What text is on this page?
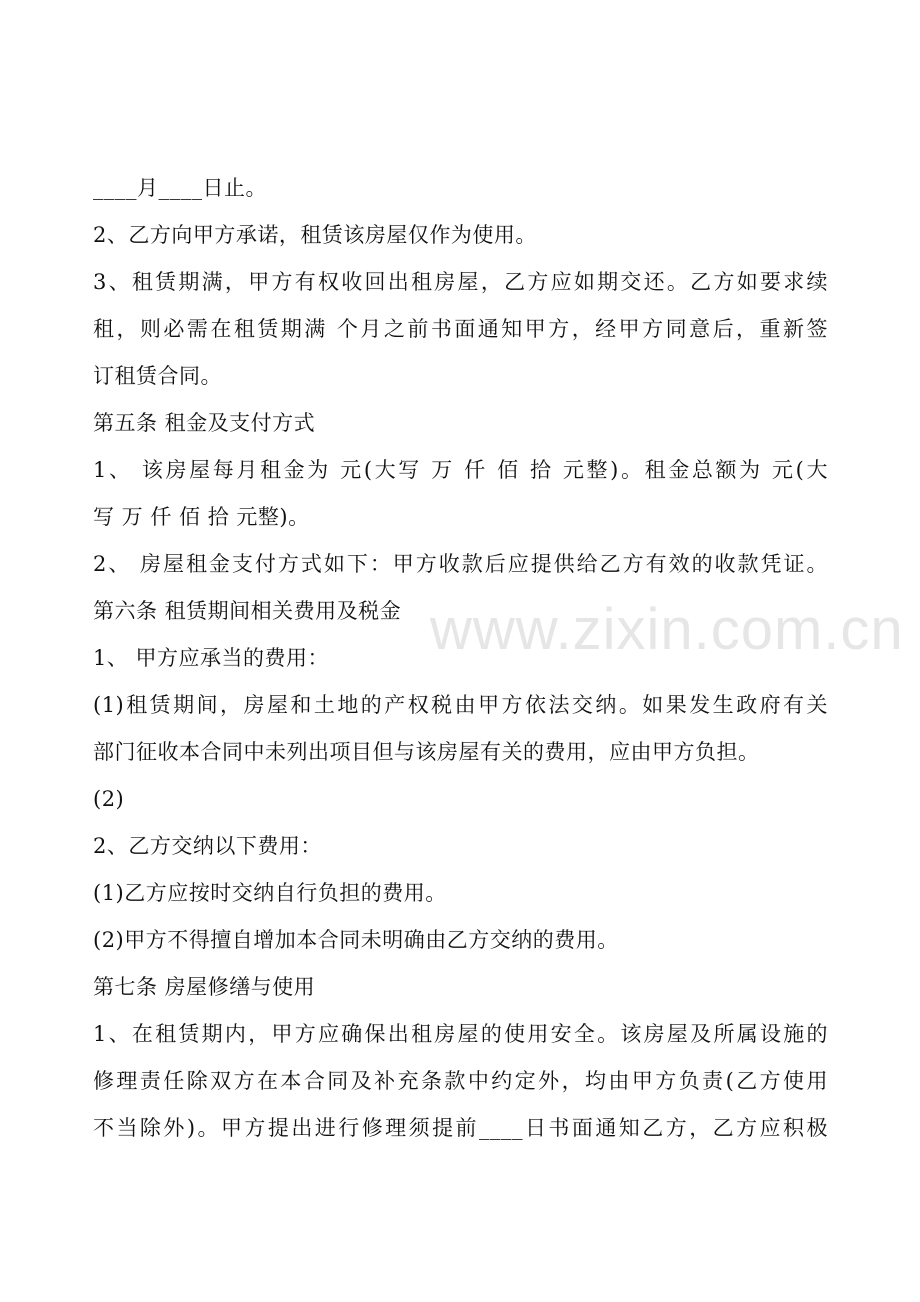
____月____日止。
2、乙方向甲方承诺，租赁该房屋仅作为使用。
3、租赁期满，甲方有权收回出租房屋，乙方应如期交还。乙方如要求续
租，则必需在租赁期满 个月之前书面通知甲方，经甲方同意后，重新签
订租赁合同。
第五条 租金及支付方式
1、 该房屋每月租金为 元(大写 万 仟 佰 拾 元整)。租金总额为 元(大
写 万 仟 佰 拾 元整)。
2、 房屋租金支付方式如下：甲方收款后应提供给乙方有效的收款凭证。
第六条 租赁期间相关费用及税金
1、 甲方应承当的费用：
(1)租赁期间，房屋和土地的产权税由甲方依法交纳。如果发生政府有关
部门征收本合同中未列出项目但与该房屋有关的费用，应由甲方负担。
(2)
2、乙方交纳以下费用：
(1)乙方应按时交纳自行负担的费用。
(2)甲方不得擅自增加本合同未明确由乙方交纳的费用。
第七条 房屋修缮与使用
1、在租赁期内，甲方应确保出租房屋的使用安全。该房屋及所属设施的
修理责任除双方在本合同及补充条款中约定外，均由甲方负责(乙方使用
不当除外)。甲方提出进行修理须提前____日书面通知乙方，乙方应积极
www.zixin.com.cn
